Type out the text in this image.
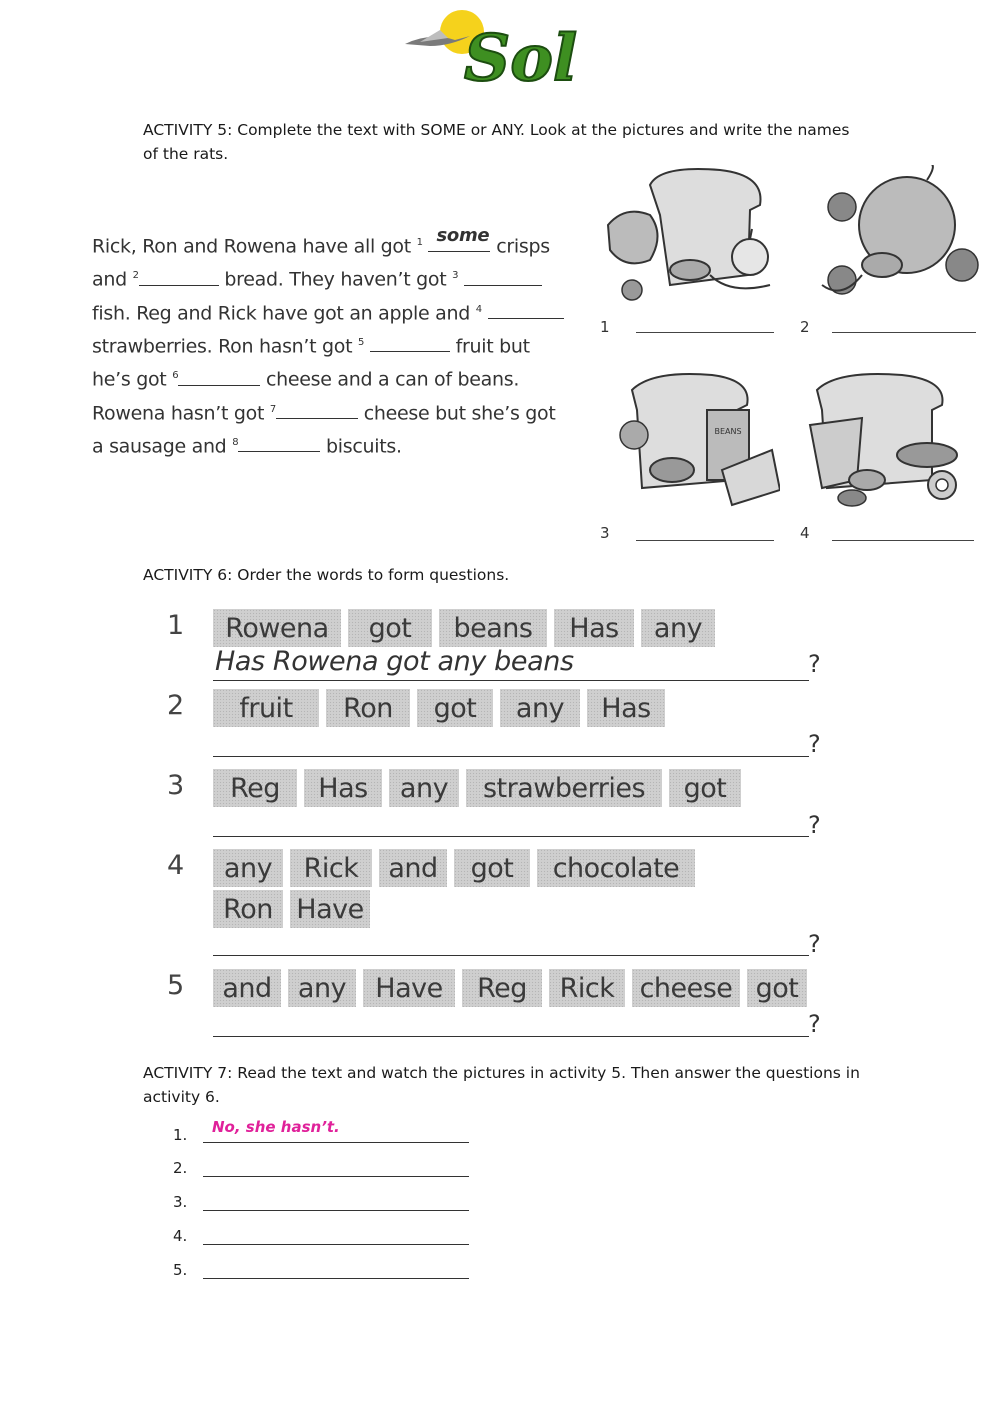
Sol
ACTIVITY 5: Complete the text with SOME or ANY. Look at the pictures and write the names of the rats.
Rick, Ron and Rowena have all got $^1$ some crisps
and $^2$	bread. They haven’t got $^3$
fish. Reg and Rick have got an apple and $^4$
strawberries. Ron hasn’t got $^5$	fruit but
he’s got $^6$	cheese and a can of beans.
Rowena hasn’t got $^7$	cheese but she’s got
a sausage and $^8$	biscuits.
1	2
BEANS
3	4
ACTIVITY 6: Order the words to form questions.
1	Rowena	got	beans	Has	any
Has Rowena got any beans	?
2	fruit	Ron	got	any	Has
?
3	Reg	Has	any	strawberries	got
?
4	any	Rick	and	got	chocolate
Ron Have
?
5	and any	Have	Reg	Rick cheese got
?
ACTIVITY 7: Read the text and watch the pictures in activity 5. Then answer the questions in activity 6.
1. No, she hasn’t.
2.
3.
4.
5.
